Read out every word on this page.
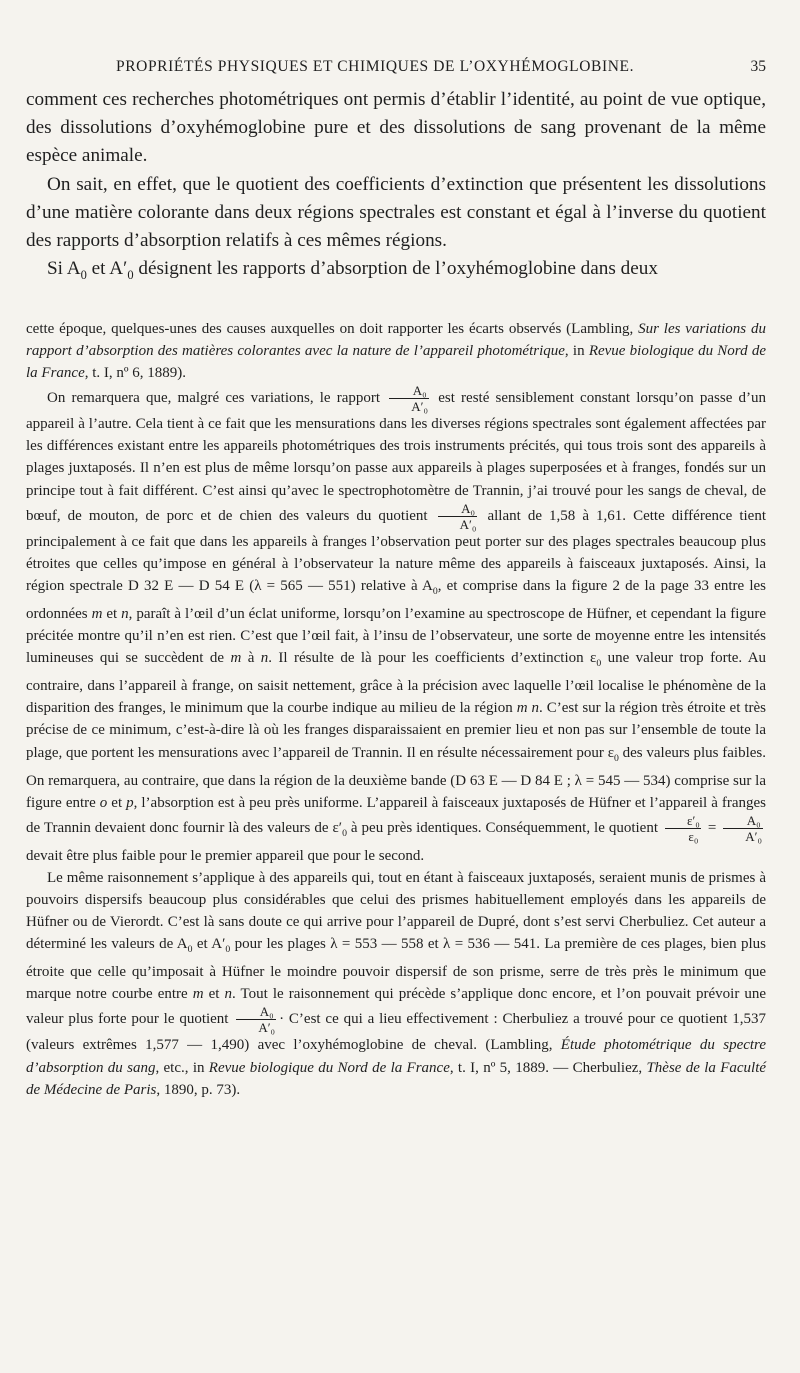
PROPRIÉTÉS PHYSIQUES ET CHIMIQUES DE L’OXYHÉMOGLOBINE.	35

comment ces recherches photométriques ont permis d’établir l’identité, au point de vue optique, des dissolutions d’oxyhémoglobine pure et des dissolutions de sang provenant de la même espèce animale.

On sait, en effet, que le quotient des coefficients d’extinction que présentent les dissolutions d’une matière colorante dans deux régions spectrales est constant et égal à l’inverse du quotient des rapports d’absorption relatifs à ces mêmes régions.

Si $A_0$ et $A'_0$ désignent les rapports d’absorption de l’oxyhémoglobine dans deux

cette époque, quelques-unes des causes auxquelles on doit rapporter les écarts observés (Lambling, Sur les variations du rapport d’absorption des matières colorantes avec la nature de l’appareil photométrique, in Revue biologique du Nord de la France, t. I, nº 6, 1889).

On remarquera que, malgré ces variations, le rapport $\frac{\text{A₀}}{\text{A′₀}}$ est resté sensiblement constant lorsqu’on passe d’un appareil à l’autre. Cela tient à ce fait que les mensurations dans les diverses régions spectrales sont également affectées par les différences existant entre les appareils photométriques des trois instruments précités, qui tous trois sont des appareils à plages juxtaposés. Il n’en est plus de même lorsqu’on passe aux appareils à plages superposées et à franges, fondés sur un principe tout à fait différent. C’est ainsi qu’avec le spectrophotomètre de Trannin, j’ai trouvé pour les sangs de cheval, de bœuf, de mouton, de porc et de chien des valeurs du quotient $\frac{\text{A₀}}{\text{A′₀}}$ allant de 1,58 à 1,61. Cette différence tient principalement à ce fait que dans les appareils à franges l’observation peut porter sur des plages spectrales beaucoup plus étroites que celles qu’impose en général à l’observateur la nature même des appareils à faisceaux juxtaposés. Ainsi, la région spectrale D 32 E — D 54 E (λ = 565 — 551) relative à $A_0$, et comprise dans la figure 2 de la page 33 entre les ordonnées m et n, paraît à l’œil d’un éclat uniforme, lorsqu’on l’examine au spectroscope de Hüfner, et cependant la figure précitée montre qu’il n’en est rien. C’est que l’œil fait, à l’insu de l’observateur, une sorte de moyenne entre les intensités lumineuses qui se succèdent de m à n. Il résulte de là pour les coefficients d’extinction $\varepsilon_0$ une valeur trop forte. Au contraire, dans l’appareil à frange, on saisit nettement, grâce à la précision avec laquelle l’œil localise le phénomène de la disparition des franges, le minimum que la courbe indique au milieu de la région m n. C’est sur la région très étroite et très précise de ce minimum, c’est-à-dire là où les franges disparaissaient en premier lieu et non pas sur l’ensemble de toute la plage, que portent les mensurations avec l’appareil de Trannin. Il en résulte nécessairement pour $\varepsilon_0$ des valeurs plus faibles. On remarquera, au contraire, que dans la région de la deuxième bande (D 63 E — D 84 E ; λ = 545 — 534) comprise sur la figure entre o et p, l’absorption est à peu près uniforme. L’appareil à faisceaux juxtaposés de Hüfner et l’appareil à franges de Trannin devaient donc fournir là des valeurs de $\varepsilon'_0$ à peu près identiques. Conséquemment, le quotient $\frac{\text{ε′₀}}{\text{ε₀}} = \frac{\text{A₀}}{\text{A′₀}}$
devait être plus faible pour le premier appareil que pour le second.

Le même raisonnement s’applique à des appareils qui, tout en étant à faisceaux juxtaposés, seraient munis de prismes à pouvoirs dispersifs beaucoup plus considérables que celui des prismes habituellement employés dans les appareils de Hüfner ou de Vierordt. C’est là sans doute ce qui arrive pour l’appareil de Dupré, dont s’est servi Cherbuliez. Cet auteur a déterminé les valeurs de $A_0$ et $A'_0$ pour les plages λ = 553 — 558 et λ = 536 — 541. La première de ces plages, bien plus étroite que celle qu’imposait à Hüfner le moindre pouvoir dispersif de son prisme, serre de très près le minimum que marque notre courbe entre m et n. Tout le raisonnement qui précède s’applique donc encore, et l’on pouvait prévoir une valeur plus forte pour le quotient $\frac{\text{A₀}}{\text{A′₀}}$ · C’est ce qui a lieu effectivement : Cherbuliez a trouvé pour ce quotient 1,537 (valeurs extrêmes 1,577 — 1,490) avec l’oxyhémoglobine de cheval. (Lambling, Étude photométrique du spectre d’absorption du sang, etc., in Revue biologique du Nord de la France, t. I, nº 5, 1889. — Cherbuliez, Thèse de la Faculté de Médecine de Paris, 1890, p. 73).
